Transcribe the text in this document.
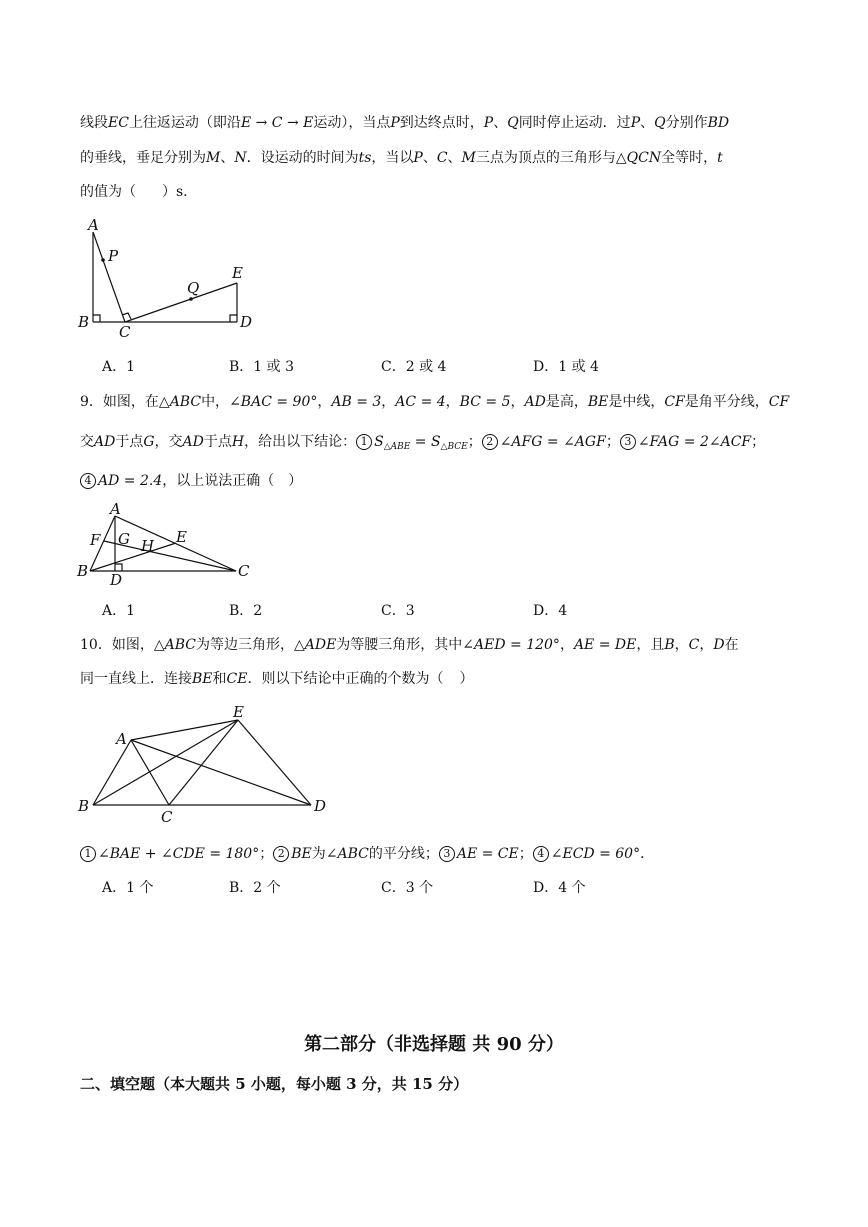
线段EC上往返运动（即沿E → C → E运动），当点P到达终点时，P、Q同时停止运动．过P、Q分别作BD
的垂线，垂足分别为M、N．设运动的时间为ts，当以P、C、M三点为顶点的三角形与△QCN全等时，t
的值为（ ）s.
A
P
Q
E
B
C
D
A．1	B．1 或 3	C．2 或 4	D．1 或 4
9．如图，在△ABC中，∠BAC = 90°，AB = 3，AC = 4，BC = 5，AD是高，BE是中线，CF是角平分线，CF
交AD于点G，交AD于点H，给出以下结论： 1 $S_{\triangle ABE} = S_{\triangle BCE}$； 2 ∠AFG = ∠AGF； 3 ∠FAG = 2∠ACF；
4 AD = 2.4，以上说法正确（ ）
A
F G H E
B D	C
A．1	B．2	C．3	D．4
10．如图，△ABC为等边三角形，△ADE为等腰三角形，其中∠AED = 120°，AE = DE，且B，C，D在
同一直线上．连接BE和CE．则以下结论中正确的个数为（ ）
A
E
B
C
D
1 ∠BAE + ∠CDE = 180°； 2 BE为∠ABC的平分线； 3 AE = CE； 4 ∠ECD = 60°．
A．1 个	B．2 个	C．3 个	D．4 个
第二部分（非选择题 共 90 分）
二、填空题（本大题共 5 小题，每小题 3 分，共 15 分）
